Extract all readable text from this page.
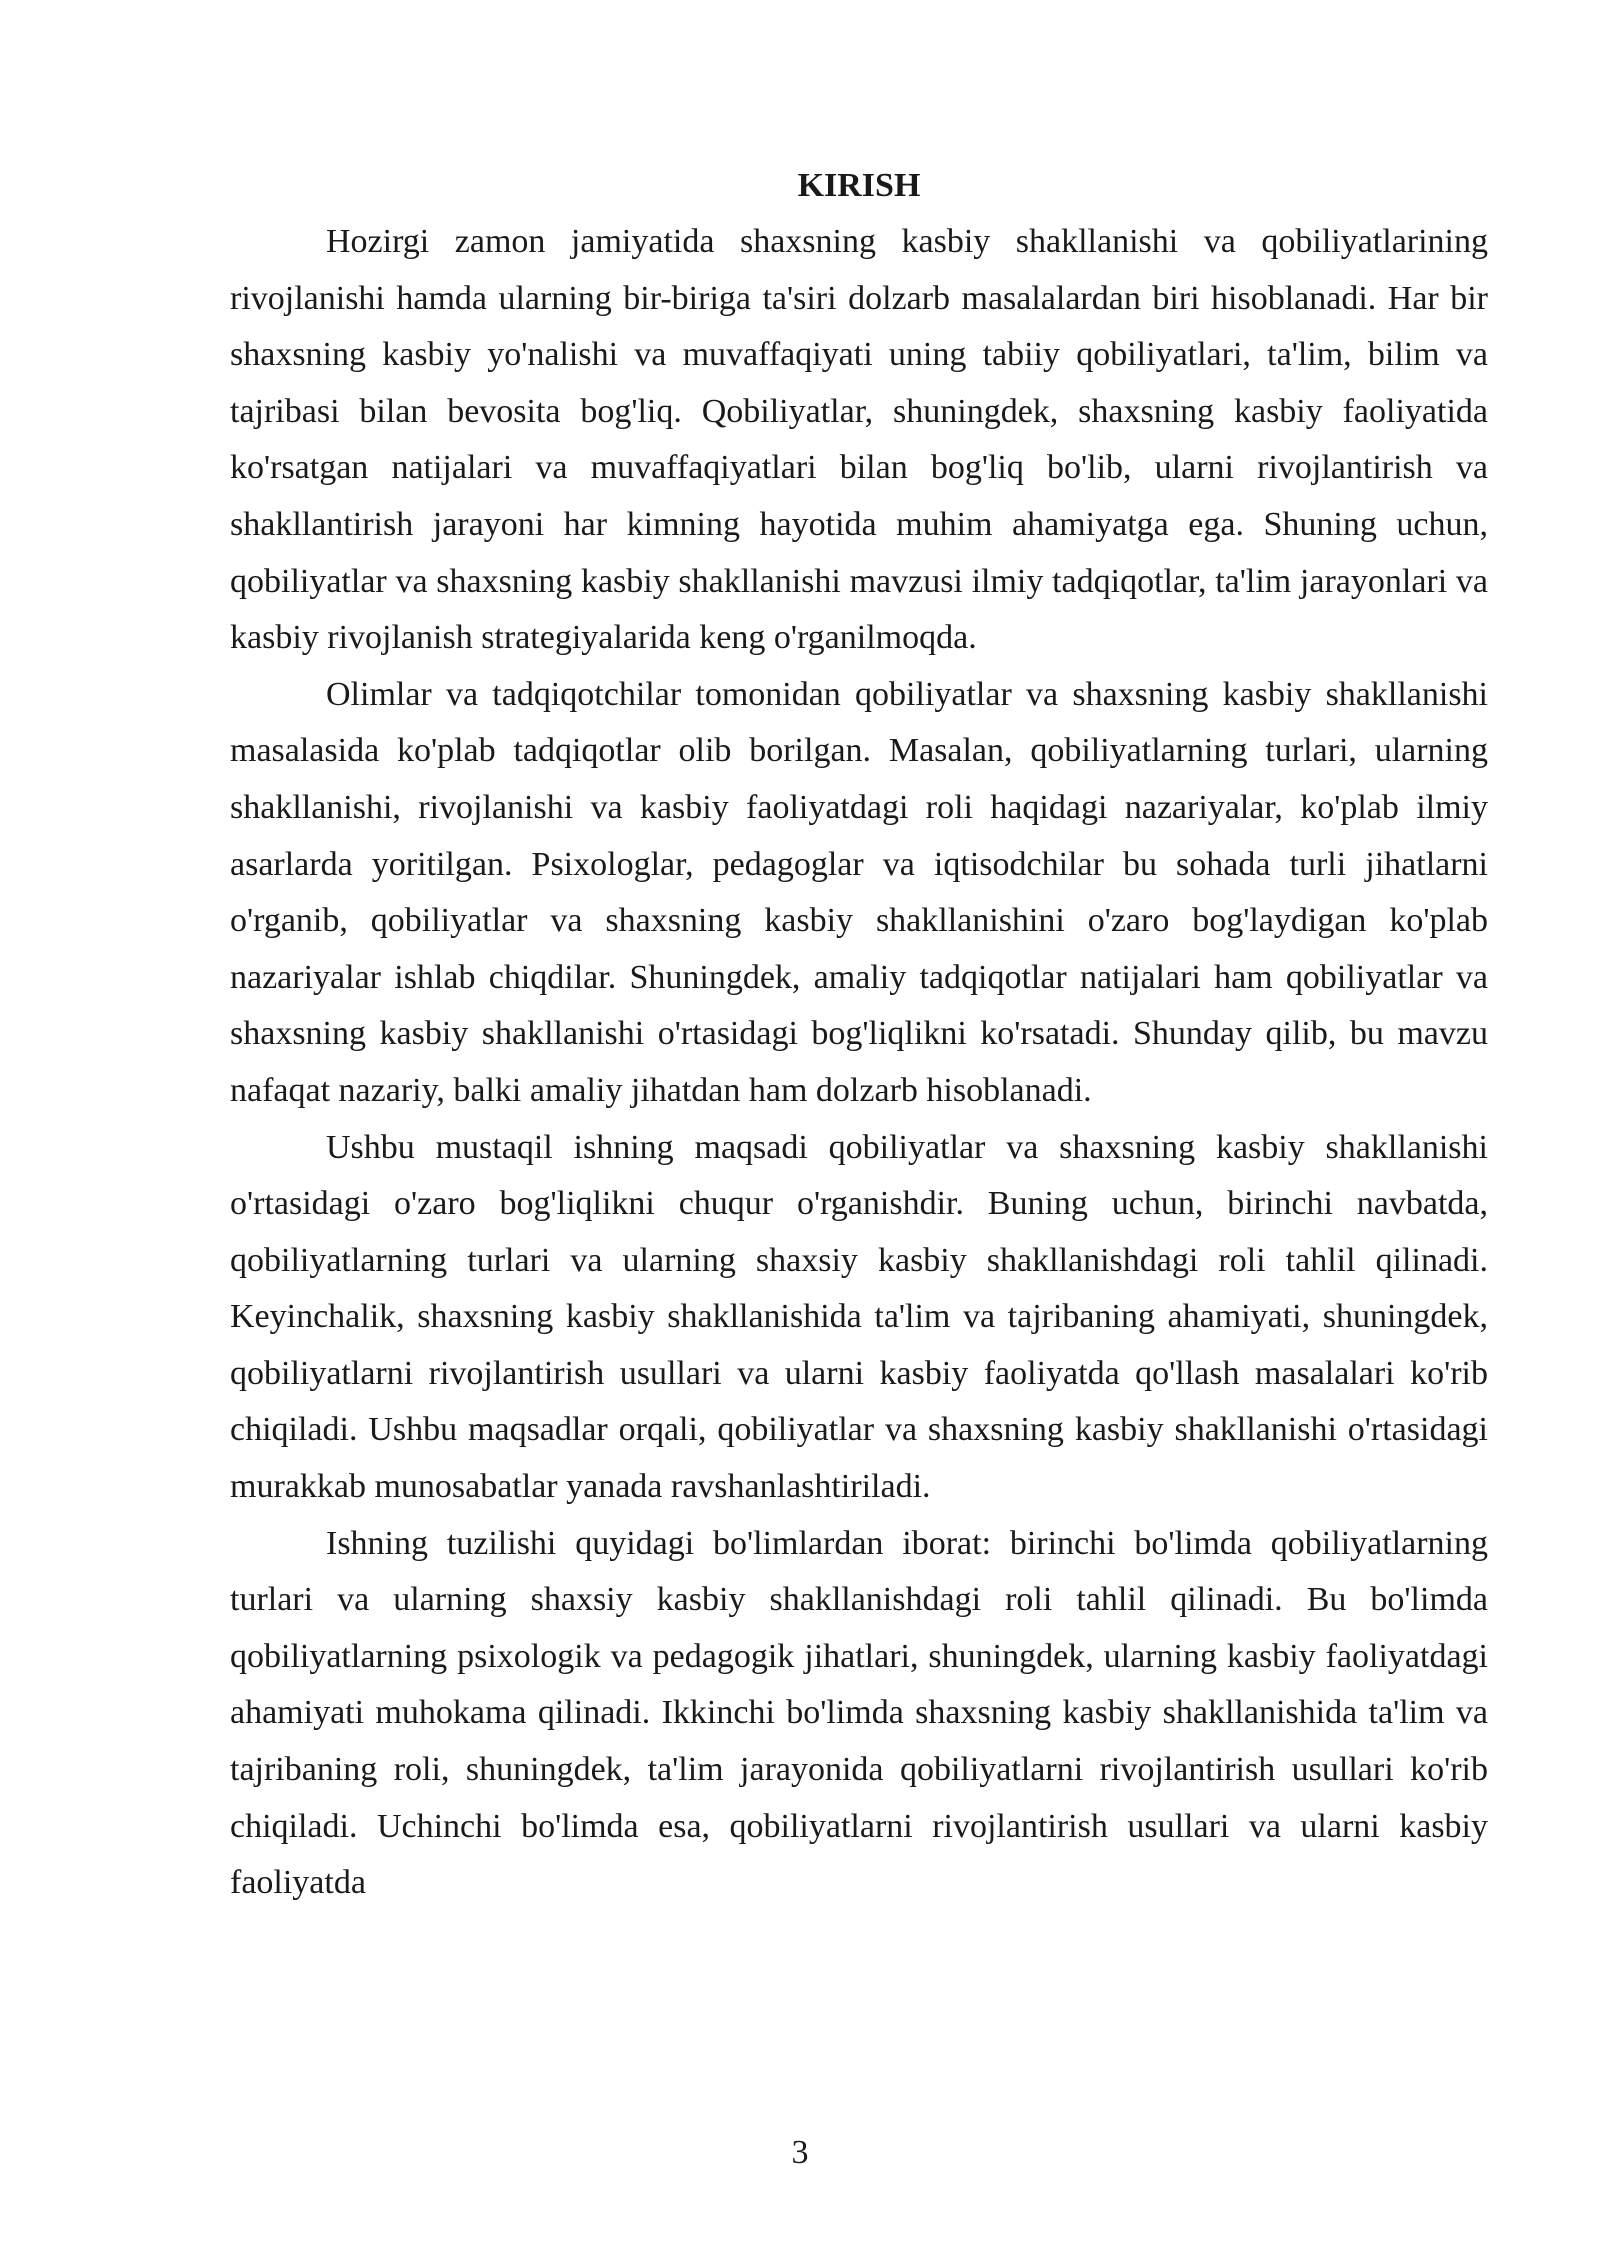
KIRISH

Hozirgi zamon jamiyatida shaxsning kasbiy shakllanishi va qobiliyatlarining rivojlanishi hamda ularning bir-biriga ta'siri dolzarb masalalardan biri hisoblanadi. Har bir shaxsning kasbiy yo'nalishi va muvaffaqiyati uning tabiiy qobiliyatlari, ta'lim, bilim va tajribasi bilan bevosita bog'liq. Qobiliyatlar, shuningdek, shaxsning kasbiy faoliyatida ko'rsatgan natijalari va muvaffaqiyatlari bilan bog'liq bo'lib, ularni rivojlantirish va shakllantirish jarayoni har kimning hayotida muhim ahamiyatga ega. Shuning uchun, qobiliyatlar va shaxsning kasbiy shakllanishi mavzusi ilmiy tadqiqotlar, ta'lim jarayonlari va kasbiy rivojlanish strategiyalarida keng o'rganilmoqda.

Olimlar va tadqiqotchilar tomonidan qobiliyatlar va shaxsning kasbiy shakllanishi masalasida ko'plab tadqiqotlar olib borilgan. Masalan, qobiliyatlarning turlari, ularning shakllanishi, rivojlanishi va kasbiy faoliyatdagi roli haqidagi nazariyalar, ko'plab ilmiy asarlarda yoritilgan. Psixologlar, pedagoglar va iqtisodchilar bu sohada turli jihatlarni o'rganib, qobiliyatlar va shaxsning kasbiy shakllanishini o'zaro bog'laydigan ko'plab nazariyalar ishlab chiqdilar. Shuningdek, amaliy tadqiqotlar natijalari ham qobiliyatlar va shaxsning kasbiy shakllanishi o'rtasidagi bog'liqlikni ko'rsatadi. Shunday qilib, bu mavzu nafaqat nazariy, balki amaliy jihatdan ham dolzarb hisoblanadi.

Ushbu mustaqil ishning maqsadi qobiliyatlar va shaxsning kasbiy shakllanishi o'rtasidagi o'zaro bog'liqlikni chuqur o'rganishdir. Buning uchun, birinchi navbatda, qobiliyatlarning turlari va ularning shaxsiy kasbiy shakllanishdagi roli tahlil qilinadi. Keyinchalik, shaxsning kasbiy shakllanishida ta'lim va tajribaning ahamiyati, shuningdek, qobiliyatlarni rivojlantirish usullari va ularni kasbiy faoliyatda qo'llash masalalari ko'rib chiqiladi. Ushbu maqsadlar orqali, qobiliyatlar va shaxsning kasbiy shakllanishi o'rtasidagi murakkab munosabatlar yanada ravshanlashtiriladi.

Ishning tuzilishi quyidagi bo'limlardan iborat: birinchi bo'limda qobiliyatlarning turlari va ularning shaxsiy kasbiy shakllanishdagi roli tahlil qilinadi. Bu bo'limda qobiliyatlarning psixologik va pedagogik jihatlari, shuningdek, ularning kasbiy faoliyatdagi ahamiyati muhokama qilinadi. Ikkinchi bo'limda shaxsning kasbiy shakllanishida ta'lim va tajribaning roli, shuningdek, ta'lim jarayonida qobiliyatlarni rivojlantirish usullari ko'rib chiqiladi. Uchinchi bo'limda esa, qobiliyatlarni rivojlantirish usullari va ularni kasbiy faoliyatda

3
